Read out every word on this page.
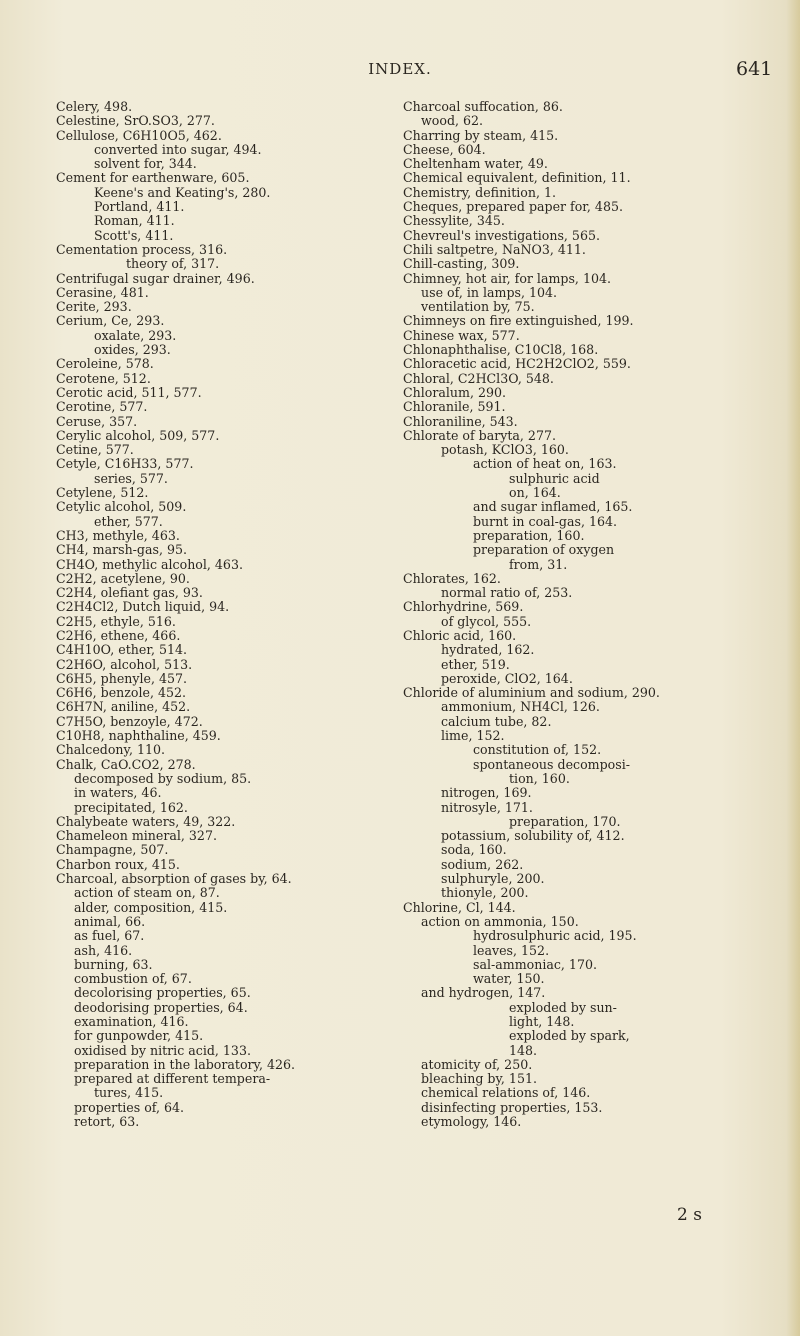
INDEX.	641
Celery, 498.
Celestine, SrO.SO3, 277.
Cellulose, C6H10O5, 462.
converted into sugar, 494.
solvent for, 344.
Cement for earthenware, 605.
Keene's and Keating's, 280.
Portland, 411.
Roman, 411.
Scott's, 411.
Cementation process, 316.
theory of, 317.
Centrifugal sugar drainer, 496.
Cerasine, 481.
Cerite, 293.
Cerium, Ce, 293.
oxalate, 293.
oxides, 293.
Ceroleine, 578.
Cerotene, 512.
Cerotic acid, 511, 577.
Cerotine, 577.
Ceruse, 357.
Cerylic alcohol, 509, 577.
Cetine, 577.
Cetyle, C16H33, 577.
series, 577.
Cetylene, 512.
Cetylic alcohol, 509.
ether, 577.
CH3, methyle, 463.
CH4, marsh-gas, 95.
CH4O, methylic alcohol, 463.
C2H2, acetylene, 90.
C2H4, olefiant gas, 93.
C2H4Cl2, Dutch liquid, 94.
C2H5, ethyle, 516.
C2H6, ethene, 466.
C4H10O, ether, 514.
C2H6O, alcohol, 513.
C6H5, phenyle, 457.
C6H6, benzole, 452.
C6H7N, aniline, 452.
C7H5O, benzoyle, 472.
C10H8, naphthaline, 459.
Chalcedony, 110.
Chalk, CaO.CO2, 278.
decomposed by sodium, 85.
in waters, 46.
precipitated, 162.
Chalybeate waters, 49, 322.
Chameleon mineral, 327.
Champagne, 507.
Charbon roux, 415.
Charcoal, absorption of gases by, 64.
action of steam on, 87.
alder, composition, 415.
animal, 66.
as fuel, 67.
ash, 416.
burning, 63.
combustion of, 67.
decolorising properties, 65.
deodorising properties, 64.
examination, 416.
for gunpowder, 415.
oxidised by nitric acid, 133.
preparation in the laboratory, 426.
prepared at different tempera-
tures, 415.
properties of, 64.
retort, 63.
Charcoal suffocation, 86.
wood, 62.
Charring by steam, 415.
Cheese, 604.
Cheltenham water, 49.
Chemical equivalent, definition, 11.
Chemistry, definition, 1.
Cheques, prepared paper for, 485.
Chessylite, 345.
Chevreul's investigations, 565.
Chili saltpetre, NaNO3, 411.
Chill-casting, 309.
Chimney, hot air, for lamps, 104.
use of, in lamps, 104.
ventilation by, 75.
Chimneys on fire extinguished, 199.
Chinese wax, 577.
Chlonaphthalise, C10Cl8, 168.
Chloracetic acid, HC2H2ClO2, 559.
Chloral, C2HCl3O, 548.
Chloralum, 290.
Chloranile, 591.
Chloraniline, 543.
Chlorate of baryta, 277.
potash, KClO3, 160.
action of heat on, 163.
sulphuric acid
on, 164.
and sugar inflamed, 165.
burnt in coal-gas, 164.
preparation, 160.
preparation of oxygen
from, 31.
Chlorates, 162.
normal ratio of, 253.
Chlorhydrine, 569.
of glycol, 555.
Chloric acid, 160.
hydrated, 162.
ether, 519.
peroxide, ClO2, 164.
Chloride of aluminium and sodium, 290.
ammonium, NH4Cl, 126.
calcium tube, 82.
lime, 152.
constitution of, 152.
spontaneous decomposi-
tion, 160.
nitrogen, 169.
nitrosyle, 171.
preparation, 170.
potassium, solubility of, 412.
soda, 160.
sodium, 262.
sulphuryle, 200.
thionyle, 200.
Chlorine, Cl, 144.
action on ammonia, 150.
hydrosulphuric acid, 195.
leaves, 152.
sal-ammoniac, 170.
water, 150.
and hydrogen, 147.
exploded by sun-
light, 148.
exploded by spark,
148.
atomicity of, 250.
bleaching by, 151.
chemical relations of, 146.
disinfecting properties, 153.
etymology, 146.
2 s
